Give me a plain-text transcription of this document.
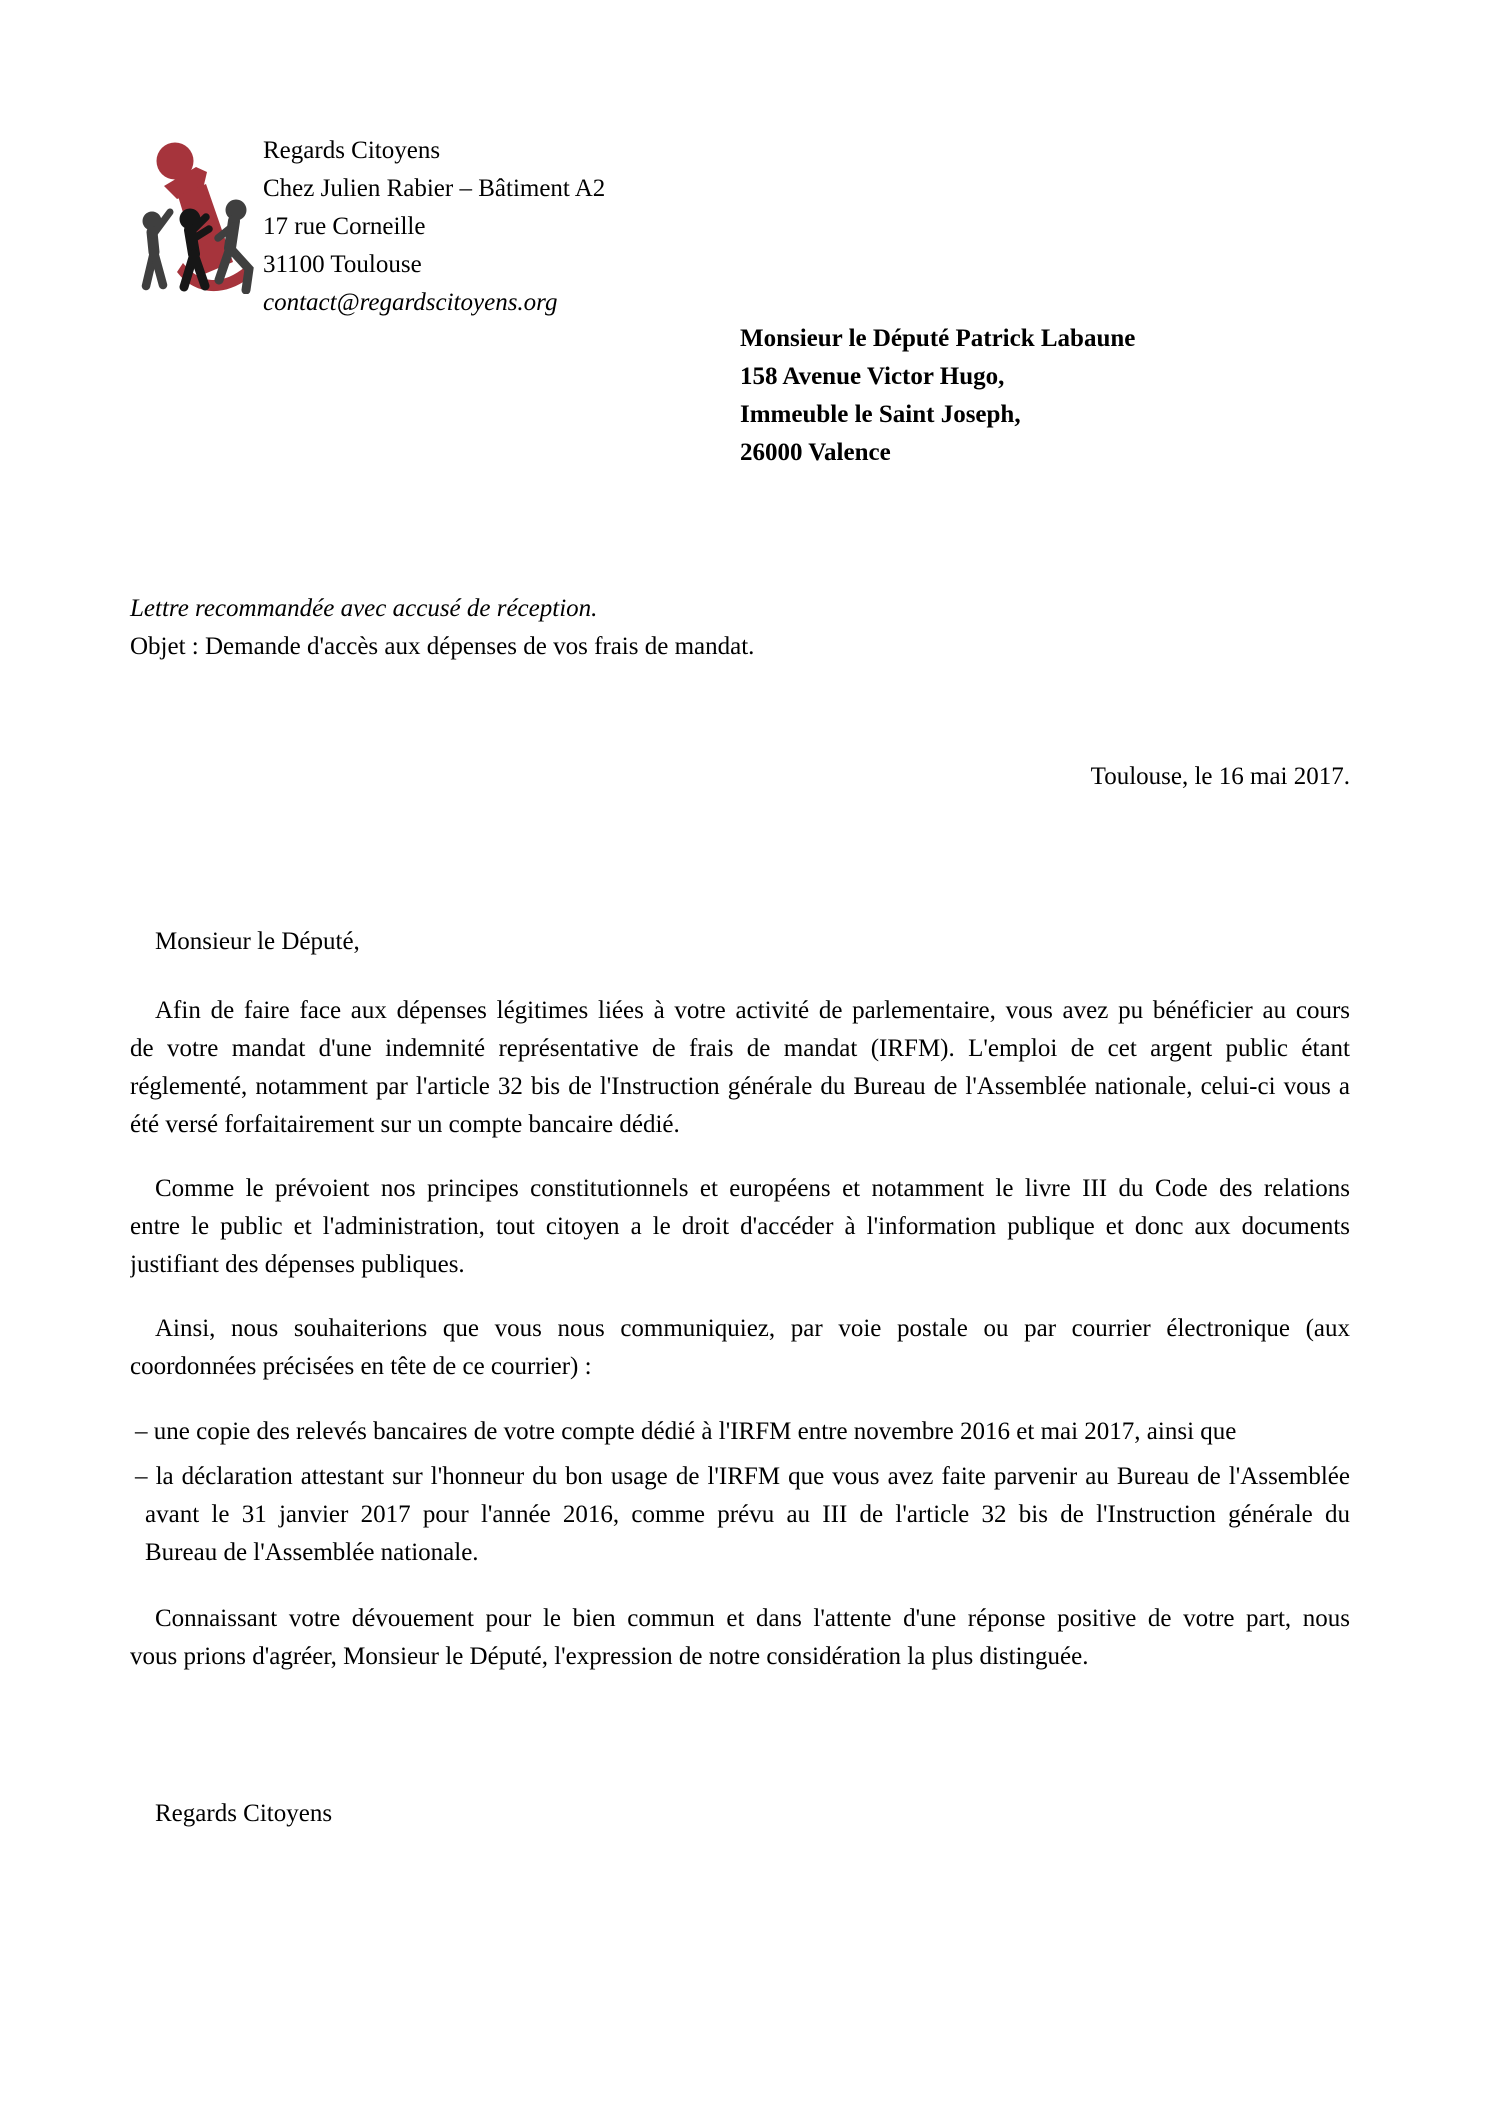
Regards Citoyens
Chez Julien Rabier – Bâtiment A2
17 rue Corneille
31100 Toulouse
contact@regardscitoyens.org
Monsieur le Député Patrick Labaune
158 Avenue Victor Hugo,
Immeuble le Saint Joseph,
26000 Valence
Lettre recommandée avec accusé de réception.
Objet : Demande d'accès aux dépenses de vos frais de mandat.
Toulouse, le 16 mai 2017.
Monsieur le Député,
Afin de faire face aux dépenses légitimes liées à votre activité de parlementaire, vous avez pu bénéficier au cours
de votre mandat d'une indemnité représentative de frais de mandat (IRFM). L'emploi de cet argent public étant
réglementé, notamment par l'article 32 bis de l'Instruction générale du Bureau de l'Assemblée nationale, celui-ci vous a
été versé forfaitairement sur un compte bancaire dédié.
Comme le prévoient nos principes constitutionnels et européens et notamment le livre III du Code des relations
entre le public et l'administration, tout citoyen a le droit d'accéder à l'information publique et donc aux documents
justifiant des dépenses publiques.
Ainsi, nous souhaiterions que vous nous communiquiez, par voie postale ou par courrier électronique (aux
coordonnées précisées en tête de ce courrier) :
– une copie des relevés bancaires de votre compte dédié à l'IRFM entre novembre 2016 et mai 2017, ainsi que
– la déclaration attestant sur l'honneur du bon usage de l'IRFM que vous avez faite parvenir au Bureau de l'Assemblée
avant le 31 janvier 2017 pour l'année 2016, comme prévu au III de l'article 32 bis de l'Instruction générale du
Bureau de l'Assemblée nationale.
Connaissant votre dévouement pour le bien commun et dans l'attente d'une réponse positive de votre part, nous
vous prions d'agréer, Monsieur le Député, l'expression de notre considération la plus distinguée.
Regards Citoyens
